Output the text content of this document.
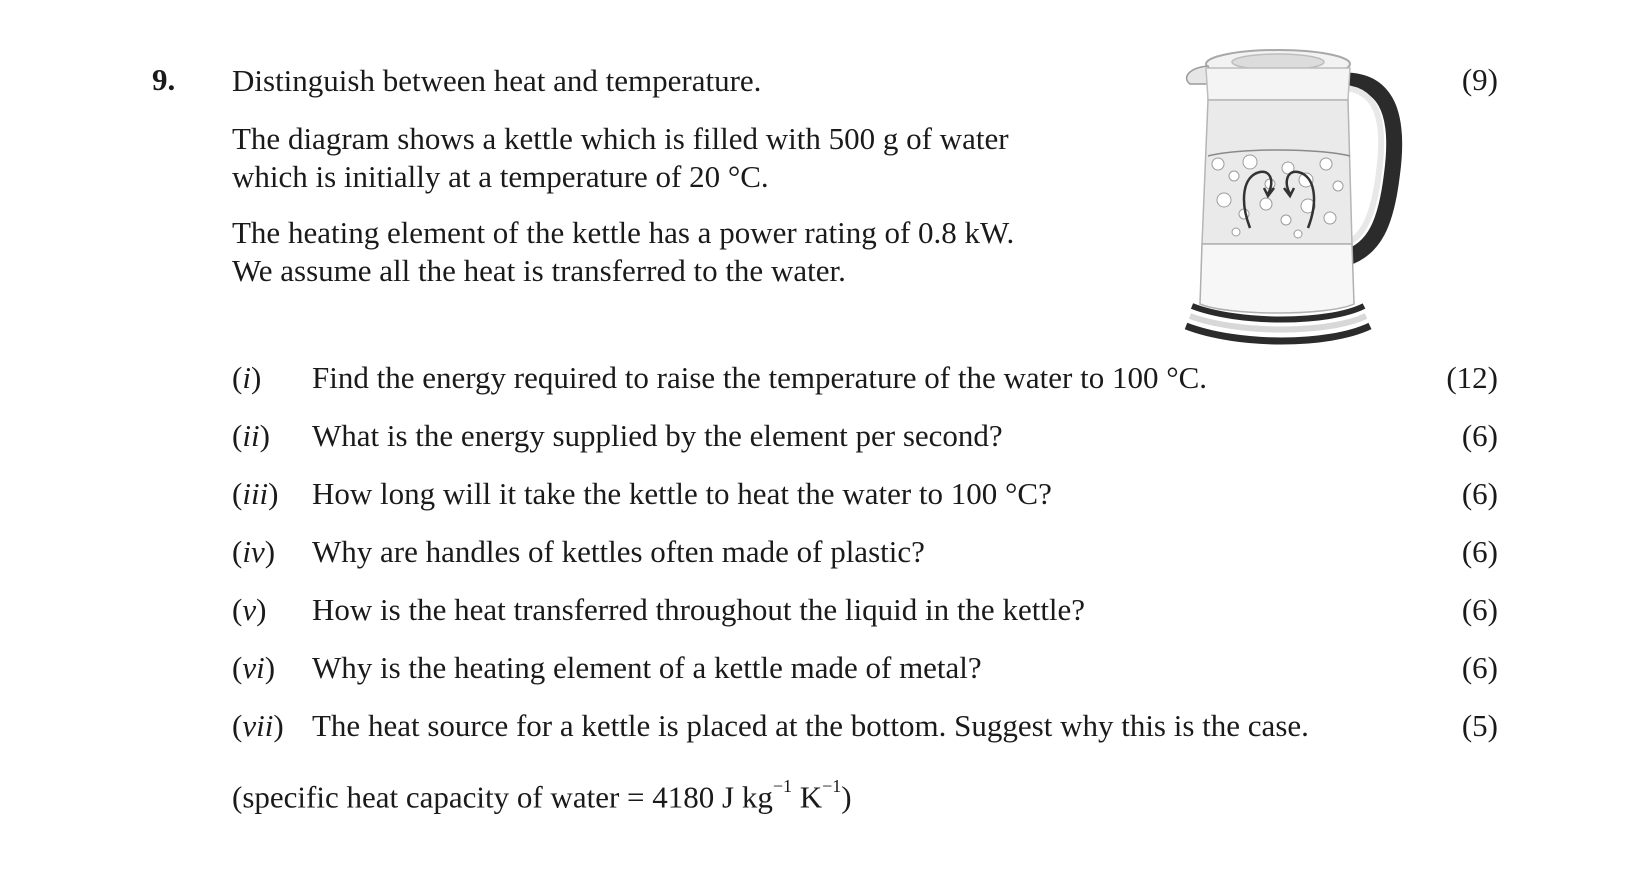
9. Distinguish between heat and temperature.	(9)
The diagram shows a kettle which is filled with 500 g of water
which is initially at a temperature of 20 °C.
The heating element of the kettle has a power rating of 0.8 kW.
We assume all the heat is transferred to the water.
(i) Find the energy required to raise the temperature of the water to 100 °C.	(12)
(ii) What is the energy supplied by the element per second?	(6)
(iii) How long will it take the kettle to heat the water to 100 °C?	(6)
(iv) Why are handles of kettles often made of plastic?	(6)
(v) How is the heat transferred throughout the liquid in the kettle?	(6)
(vi) Why is the heating element of a kettle made of metal?	(6)
(vii) The heat source for a kettle is placed at the bottom. Suggest why this is the case.	(5)
(specific heat capacity of water = 4180 J $kg^{-1}$ $K^{-1}$)
